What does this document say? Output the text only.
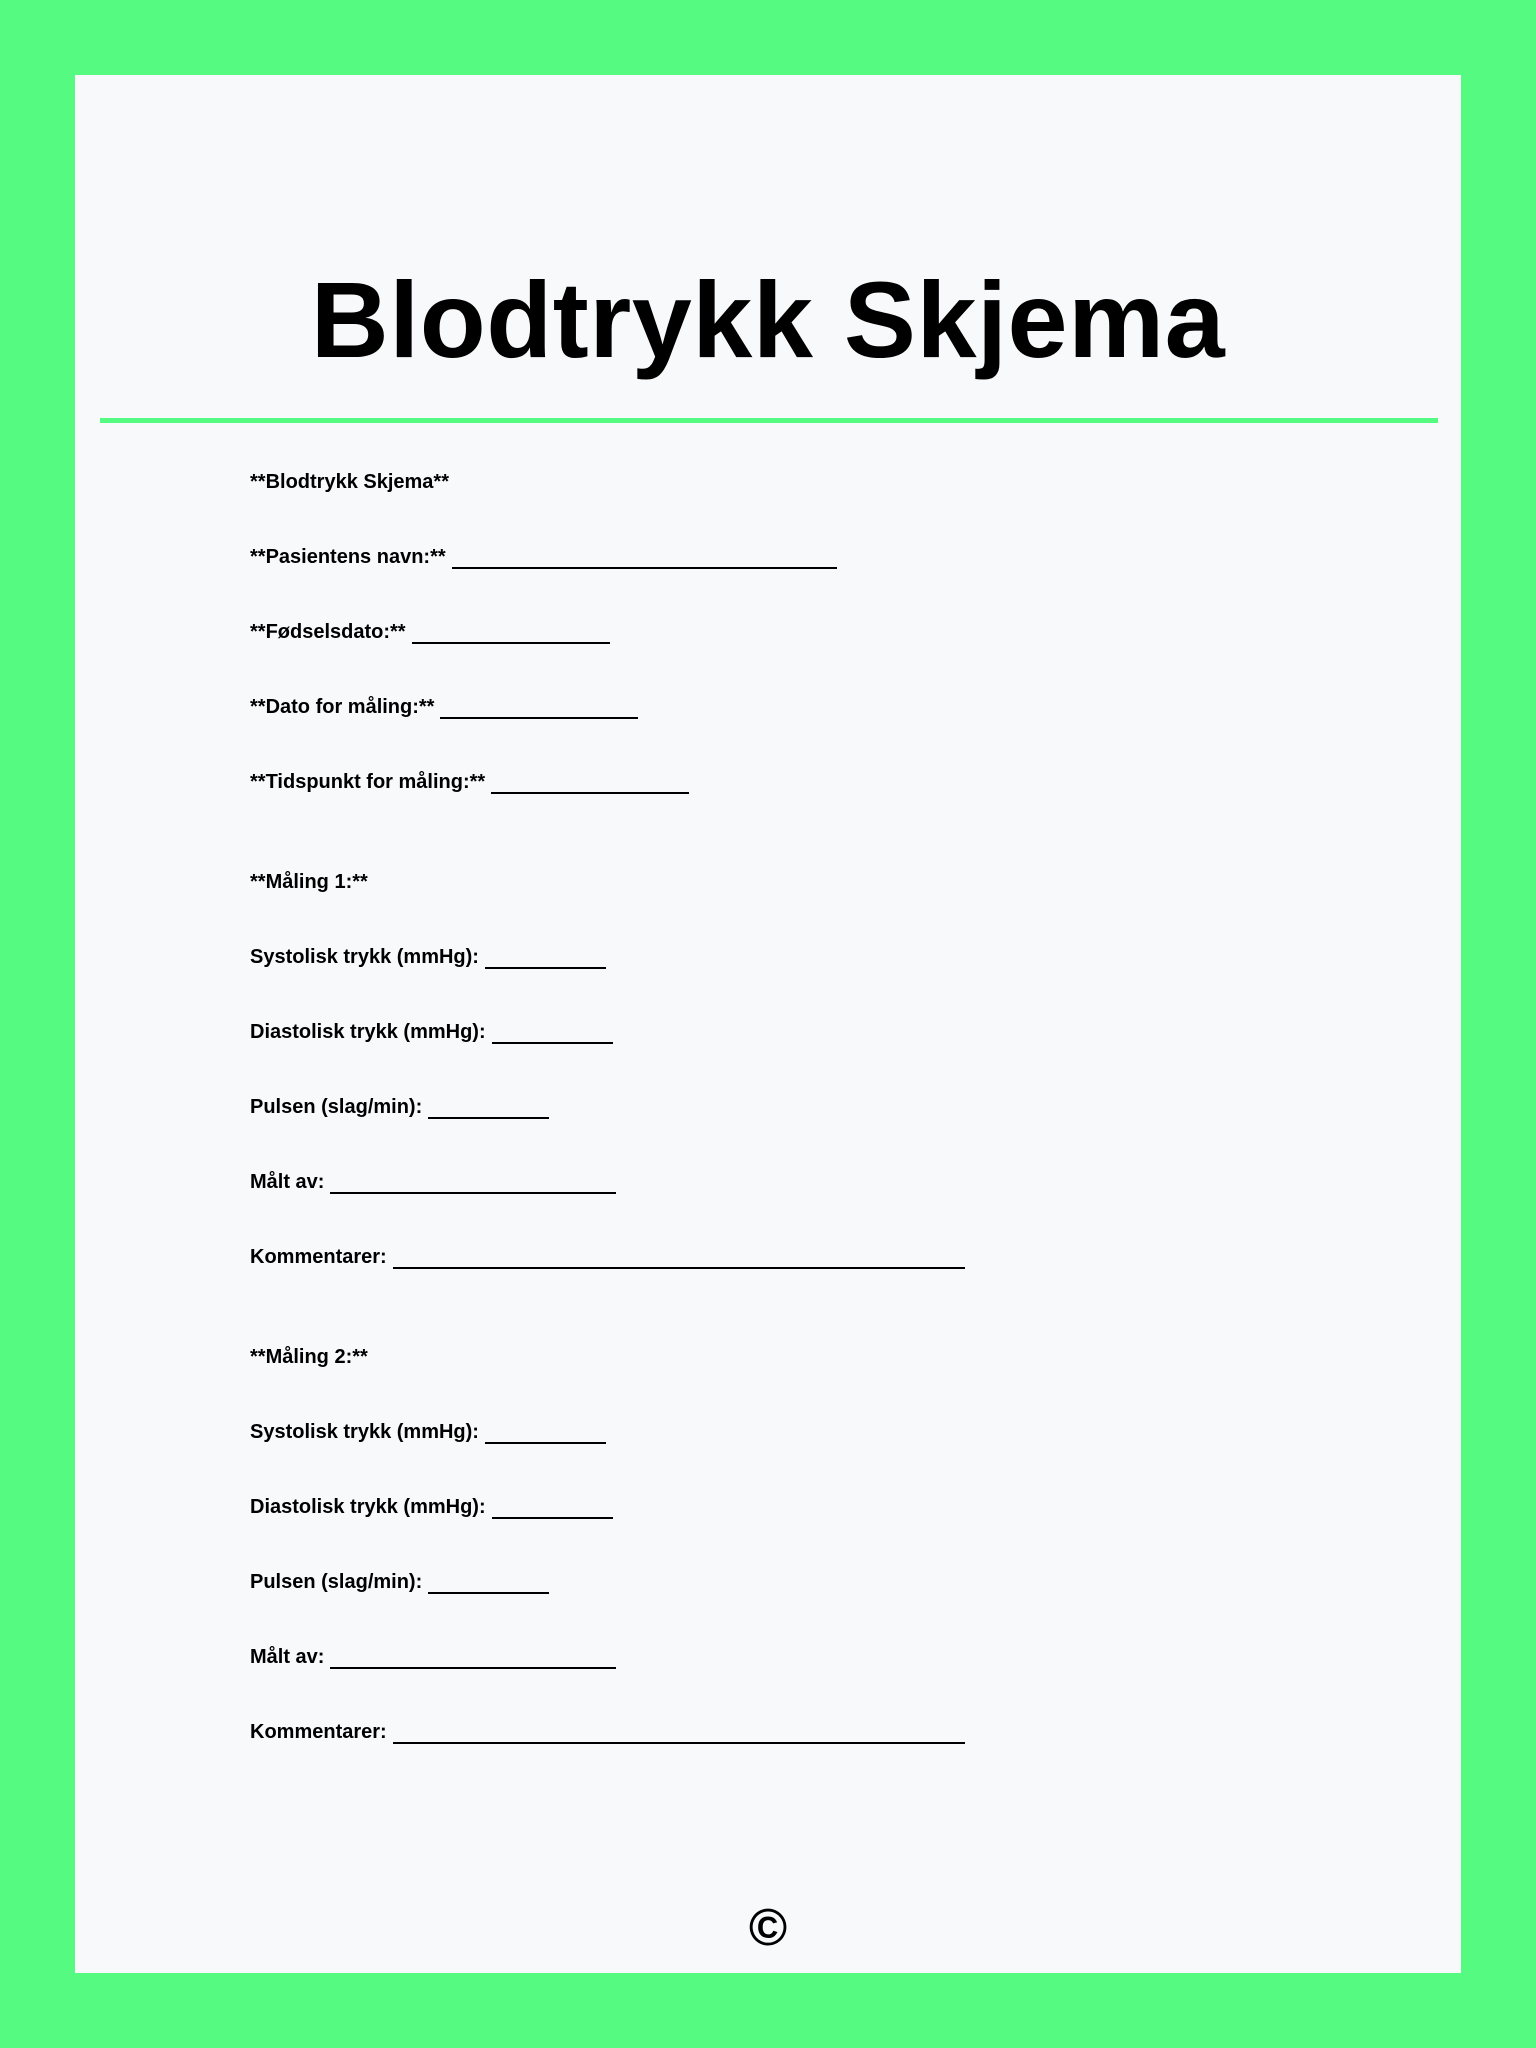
Blodtrykk Skjema

**Blodtrykk Skjema**

**Pasientens navn:**

**Fødselsdato:**

**Dato for måling:**

**Tidspunkt for måling:**

**Måling 1:**

Systolisk trykk (mmHg):

Diastolisk trykk (mmHg):

Pulsen (slag/min):

Målt av:

Kommentarer:

**Måling 2:**

Systolisk trykk (mmHg):

Diastolisk trykk (mmHg):

Pulsen (slag/min):

Målt av:

Kommentarer:

©
